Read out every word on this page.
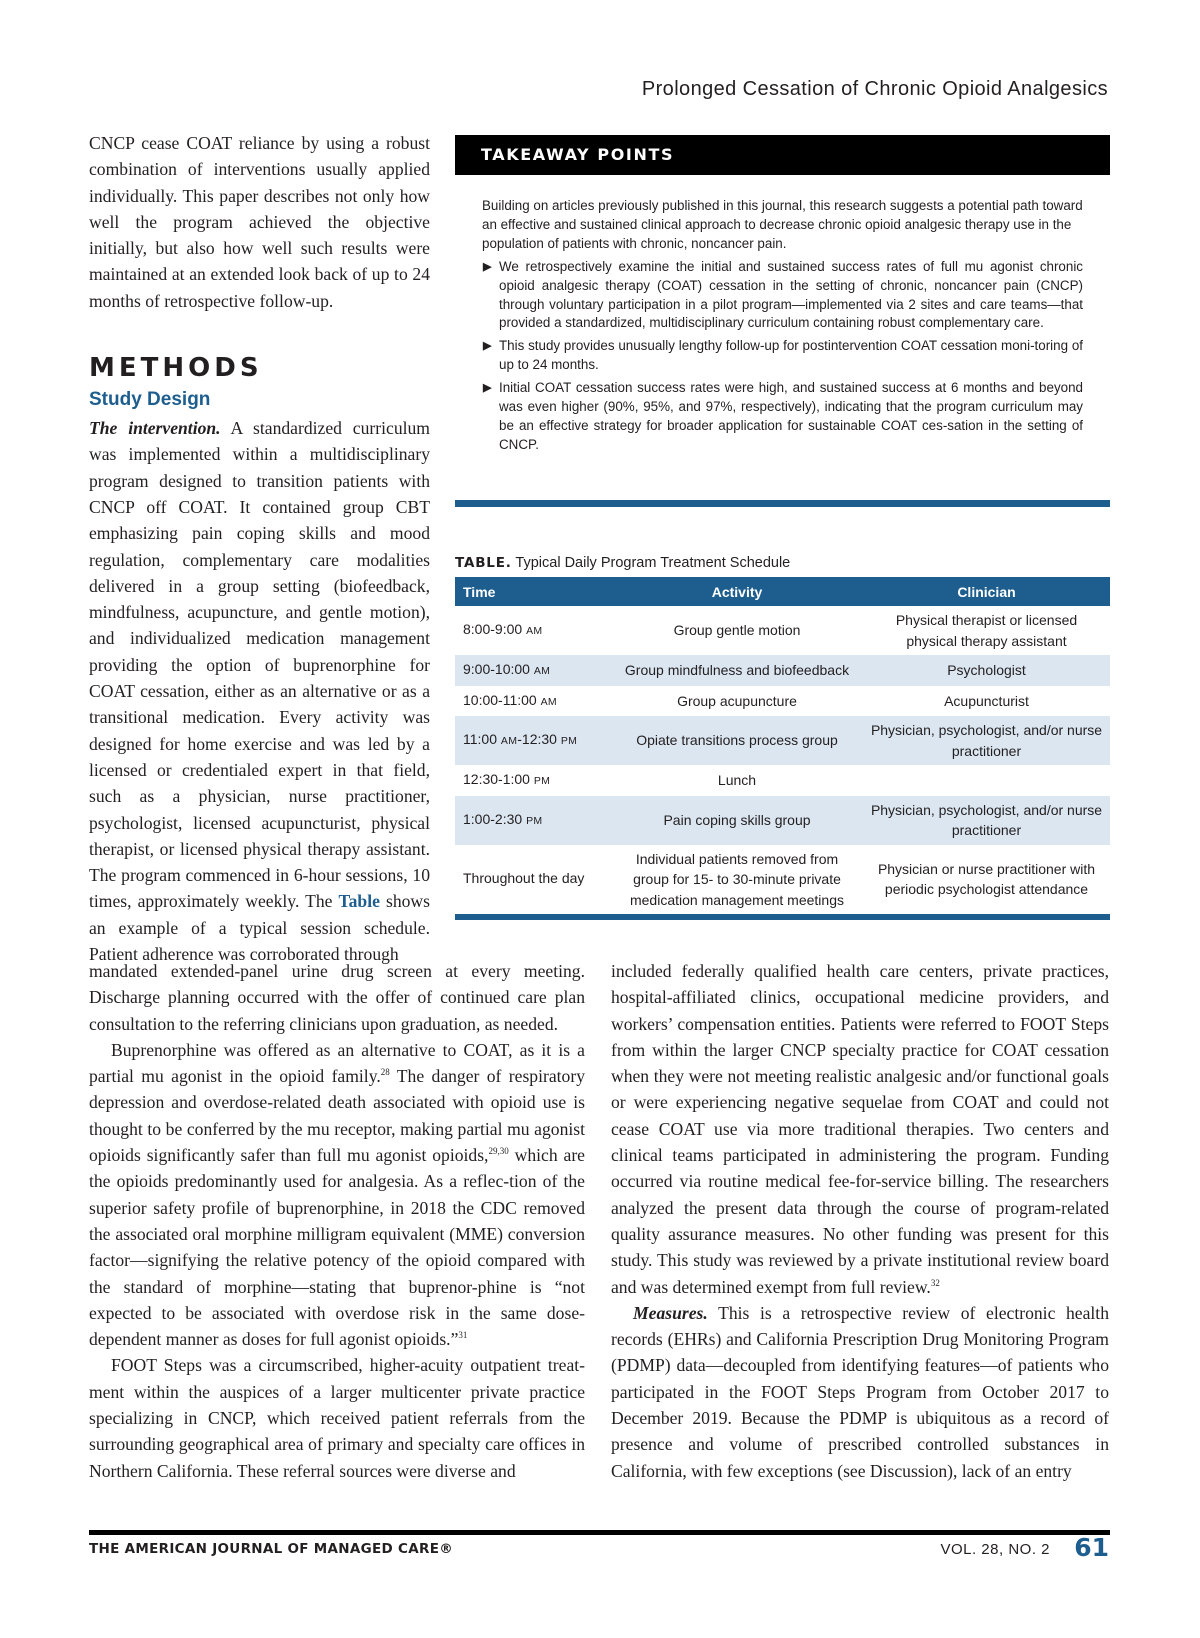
Prolonged Cessation of Chronic Opioid Analgesics

CNCP cease COAT reliance by using a robust combination of interventions usually applied individually. This paper describes not only how well the program achieved the objective initially, but also how well such results were maintained at an extended look back of up to 24 months of retrospective follow-up.

METHODS
Study Design

The intervention. A standardized curriculum was implemented within a multidisciplinary program designed to transition patients with CNCP off COAT. It contained group CBT emphasizing pain coping skills and mood regulation, complementary care modalities delivered in a group setting (biofeedback, mindfulness, acupuncture, and gentle motion), and individualized medication management providing the option of buprenorphine for COAT cessation, either as an alternative or as a transitional medication. Every activity was designed for home exercise and was led by a licensed or credentialed expert in that field, such as a physician, nurse practitioner, psychologist, licensed acupuncturist, physical therapist, or licensed physical therapy assistant. The program commenced in 6-hour sessions, 10 times, approximately weekly. The Table shows an example of a typical session schedule. Patient adherence was corroborated through

TAKEAWAY POINTS

Building on articles previously published in this journal, this research suggests a potential path toward an effective and sustained clinical approach to decrease chronic opioid analgesic therapy use in the population of patients with chronic, noncancer pain.

▶ We retrospectively examine the initial and sustained success rates of full mu agonist chronic opioid analgesic therapy (COAT) cessation in the setting of chronic, noncancer pain (CNCP) through voluntary participation in a pilot program—implemented via 2 sites and care teams—that provided a standardized, multidisciplinary curriculum containing robust complementary care.
▶ This study provides unusually lengthy follow-up for postintervention COAT cessation moni-toring of up to 24 months.
▶ Initial COAT cessation success rates were high, and sustained success at 6 months and beyond was even higher (90%, 95%, and 97%, respectively), indicating that the program curriculum may be an effective strategy for broader application for sustainable COAT ces-sation in the setting of CNCP.
TABLE. Typical Daily Program Treatment Schedule
Time	Activity	Clinician
8:00-9:00 AM	Group gentle motion	Physical therapist or licensed physical therapy assistant
9:00-10:00 AM	Group mindfulness and biofeedback	Psychologist
10:00-11:00 AM	Group acupuncture	Acupuncturist
11:00 AM-12:30 PM	Opiate transitions process group	Physician, psychologist, and/or nurse practitioner
12:30-1:00 PM	Lunch	
1:00-2:30 PM	Pain coping skills group	Physician, psychologist, and/or nurse practitioner
Throughout the day	Individual patients removed from group for 15- to 30-minute private medication management meetings	Physician or nurse practitioner with periodic psychologist attendance

mandated extended-panel urine drug screen at every meeting. Discharge planning occurred with the offer of continued care plan consultation to the referring clinicians upon graduation, as needed.

Buprenorphine was offered as an alternative to COAT, as it is a partial mu agonist in the opioid family.$^{28}$ The danger of respiratory depression and overdose-related death associated with opioid use is thought to be conferred by the mu receptor, making partial mu agonist opioids significantly safer than full mu agonist opioids,$^{29,30}$ which are the opioids predominantly used for analgesia. As a reflec-tion of the superior safety profile of buprenorphine, in 2018 the CDC removed the associated oral morphine milligram equivalent (MME) conversion factor—signifying the relative potency of the opioid compared with the standard of morphine—stating that buprenor-phine is “not expected to be associated with overdose risk in the same dose-dependent manner as doses for full agonist opioids.”$^{31}$

FOOT Steps was a circumscribed, higher-acuity outpatient treat-ment within the auspices of a larger multicenter private practice specializing in CNCP, which received patient referrals from the surrounding geographical area of primary and specialty care offices in Northern California. These referral sources were diverse and

included federally qualified health care centers, private practices, hospital-affiliated clinics, occupational medicine providers, and workers’ compensation entities. Patients were referred to FOOT Steps from within the larger CNCP specialty practice for COAT cessation when they were not meeting realistic analgesic and/or functional goals or were experiencing negative sequelae from COAT and could not cease COAT use via more traditional therapies. Two centers and clinical teams participated in administering the program. Funding occurred via routine medical fee-for-service billing. The researchers analyzed the present data through the course of program-related quality assurance measures. No other funding was present for this study. This study was reviewed by a private institutional review board and was determined exempt from full review.$^{32}$

Measures. This is a retrospective review of electronic health records (EHRs) and California Prescription Drug Monitoring Program (PDMP) data—decoupled from identifying features—of patients who participated in the FOOT Steps Program from October 2017 to December 2019. Because the PDMP is ubiquitous as a record of presence and volume of prescribed controlled substances in California, with few exceptions (see Discussion), lack of an entry

THE AMERICAN JOURNAL OF MANAGED CARE®	VOL. 28, NO. 2 61
